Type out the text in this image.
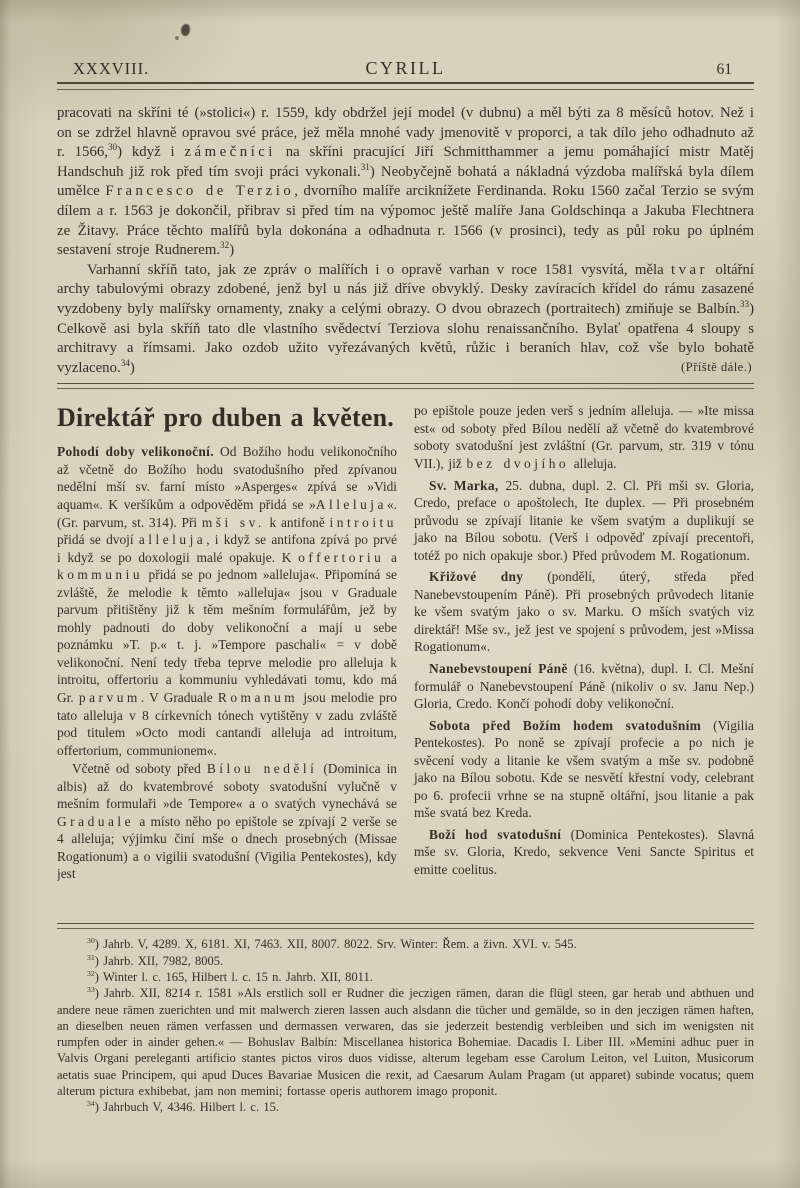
XXXVIII.	CYRILL	61

pracovati na skříni té (»stolici«) r. 1559, kdy obdržel její model (v dubnu) a měl býti za 8 měsíců hotov. Než i on se zdržel hlavně opravou své práce, jež měla mnohé vady jmenovitě v proporci, a tak dílo jeho odhadnuto až r. 1566,30) když i zámečníci na skříni pracující Jiří Schmitthammer a jemu pomáhající mistr Matěj Handschuh již rok před tím svoji práci vykonali.$^{31}$) Neobyčejně bohatá a nákladná výzdoba malířská byla dílem umělce Francesco de Terzio, dvorního malíře arciknížete Ferdinanda. Roku 1560 začal Terzio se svým dílem a r. 1563 je dokončil, přibrav si před tím na výpomoc ještě malíře Jana Goldschinqa a Jakuba Flechtnera ze Žitavy. Práce těchto malířů byla dokonána a odhadnuta r. 1566 (v prosinci), tedy as půl roku po úplném sestavení stroje Rudnerem.$^{32}$)

(Příště dále.)
Varhanní skříň tato, jak ze zpráv o malířích i o opravě varhan v roce 1581 vysvítá, měla tvar oltářní archy tabulovými obrazy zdobené, jenž byl u nás již dříve obvyklý. Desky zavíracích křídel do rámu zasazené vyzdobeny byly malířsky ornamenty, znaky a celými obrazy. O dvou obrazech (portraitech) zmiňuje se Balbín.$^{33}$) Celkově asi byla skříň tato dle vlastního svědectví Terziova slohu renaissančního. Bylať opatřena 4 sloupy s architravy a římsami. Jako ozdob užito vyřezávaných květů, růžic i beraních hlav, což vše bylo bohatě vyzlaceno.$^{34}$)

Direktář pro duben a květen.

Pohodí doby velikonoční. Od Božího hodu velikonočního až včetně do Božího hodu svatodušního před zpívanou nedělní mší sv. farní místo »Asperges« zpívá se »Vidi aquam«. K veršíkům a odpověděm přidá se »Alleluja«. (Gr. parvum, st. 314). Při mši sv. k antifoně introitu přidá se dvojí alleluja, i když se antifona zpívá po prvé i když se po doxologii malé opakuje. K offertoriu a kommuniu přidá se po jednom »alleluja«. Připomíná se zvláště, že melodie k těmto »alleluja« jsou v Graduale parvum přitištěny již k těm mešním formulářům, jež by mohly padnouti do doby velikonoční a mají u sebe poznámku »T. p.« t. j. »Tempore paschali« = v době velikonoční. Není tedy třeba teprve melodie pro alleluja k introitu, offertoriu a kommuniu vyhledávati tomu, kdo má Gr. parvum. V Graduale Romanum jsou melodie pro tato alleluja v 8 církevních tónech vytištěny v zadu zvláště pod titulem »Octo modi cantandi alleluja ad introitum, offertorium, communionem«.

Včetně od soboty před Bílou nedělí (Dominica in albis) až do kvatembrové soboty svatodušní vylučně v mešním formulaři »de Tempore« a o svatých vynechává se Graduale a místo něho po epištole se zpívají 2 verše se 4 alleluja; výjimku činí mše o dnech prosebných (Missae Rogationum) a o vigilii svatodušní (Vigilia Pentekostes), kdy jest

po epištole pouze jeden verš s jedním alleluja. — »Ite missa est« od soboty před Bílou nedělí až včetně do kvatembrové soboty svatodušní jest zvláštní (Gr. parvum, str. 319 v tónu VII.), již bez dvojího alleluja.

Sv. Marka, 25. dubna, dupl. 2. Cl. Při mši sv. Gloria, Credo, preface o apoštolech, Ite duplex. — Při prosebném průvodu se zpívají litanie ke všem svatým a duplikují se jako na Bílou sobotu. (Verš i odpověď zpívají precentoři, totéž po nich opakuje sbor.) Před průvodem M. Rogationum.

Křižové dny (pondělí, úterý, středa před Nanebevstoupením Páně). Při prosebných průvodech litanie ke všem svatým jako o sv. Marku. O mších svatých viz direktář! Mše sv., jež jest ve spojení s průvodem, jest »Missa Rogationum«.

Nanebevstoupení Páně (16. května), dupl. I. Cl. Mešní formulář o Nanebevstoupení Páně (nikoliv o sv. Janu Nep.) Gloria, Credo. Končí pohodí doby velikonoční.

Sobota před Božím hodem svatodušním (Vigilia Pentekostes). Po noně se zpívají profecie a po nich je svěcení vody a litanie ke všem svatým a mše sv. podobně jako na Bílou sobotu. Kde se nesvětí křestní vody, celebrant po 6. profecii vrhne se na stupně oltářní, jsou litanie a pak mše svatá bez Kreda.

Boží hod svatodušní (Dominica Pentekostes). Slavná mše sv. Gloria, Kredo, sekvence Veni Sancte Spiritus et emitte coelitus.

$^{30}$) Jahrb. V, 4289. X, 6181. XI, 7463. XII, 8007. 8022. Srv. Winter: Řem. a živn. XVI. v. 545.

$^{31}$) Jahrb. XII, 7982, 8005.

$^{32}$) Winter l. c. 165, Hilbert l. c. 15 n. Jahrb. XII, 8011.

$^{33}$) Jahrb. XII, 8214 r. 1581 »Als erstlich soll er Rudner die jeczigen rämen, daran die flügl steen, gar herab und abthuen und andere neue rämen zuerichten und mit malwerch zieren lassen auch alsdann die tücher und gemälde, so in den jeczigen rämen haften, an dieselben neuen rämen verfassen und dermassen verwaren, das sie jederzeit bestendig verbleiben und sich im wenigsten nit rumpfen oder in ainder gehen.« — Bohuslav Balbín: Miscellanea historica Bohemiae. Dacadis I. Liber III. »Memini adhuc puer in Valvis Organi pereleganti artificio stantes pictos viros duos vidisse, alterum legebam esse Carolum Leiton, vel Luiton, Musicorum aetatis suae Principem, qui apud Duces Bavariae Musicen die rexit, ad Caesarum Aulam Pragam (ut apparet) subinde vocatus; quem alterum pictura exhibebat, jam non memini; fortasse operis authorem imago proponit.

$^{34}$) Jahrbuch V, 4346. Hilbert l. c. 15.
